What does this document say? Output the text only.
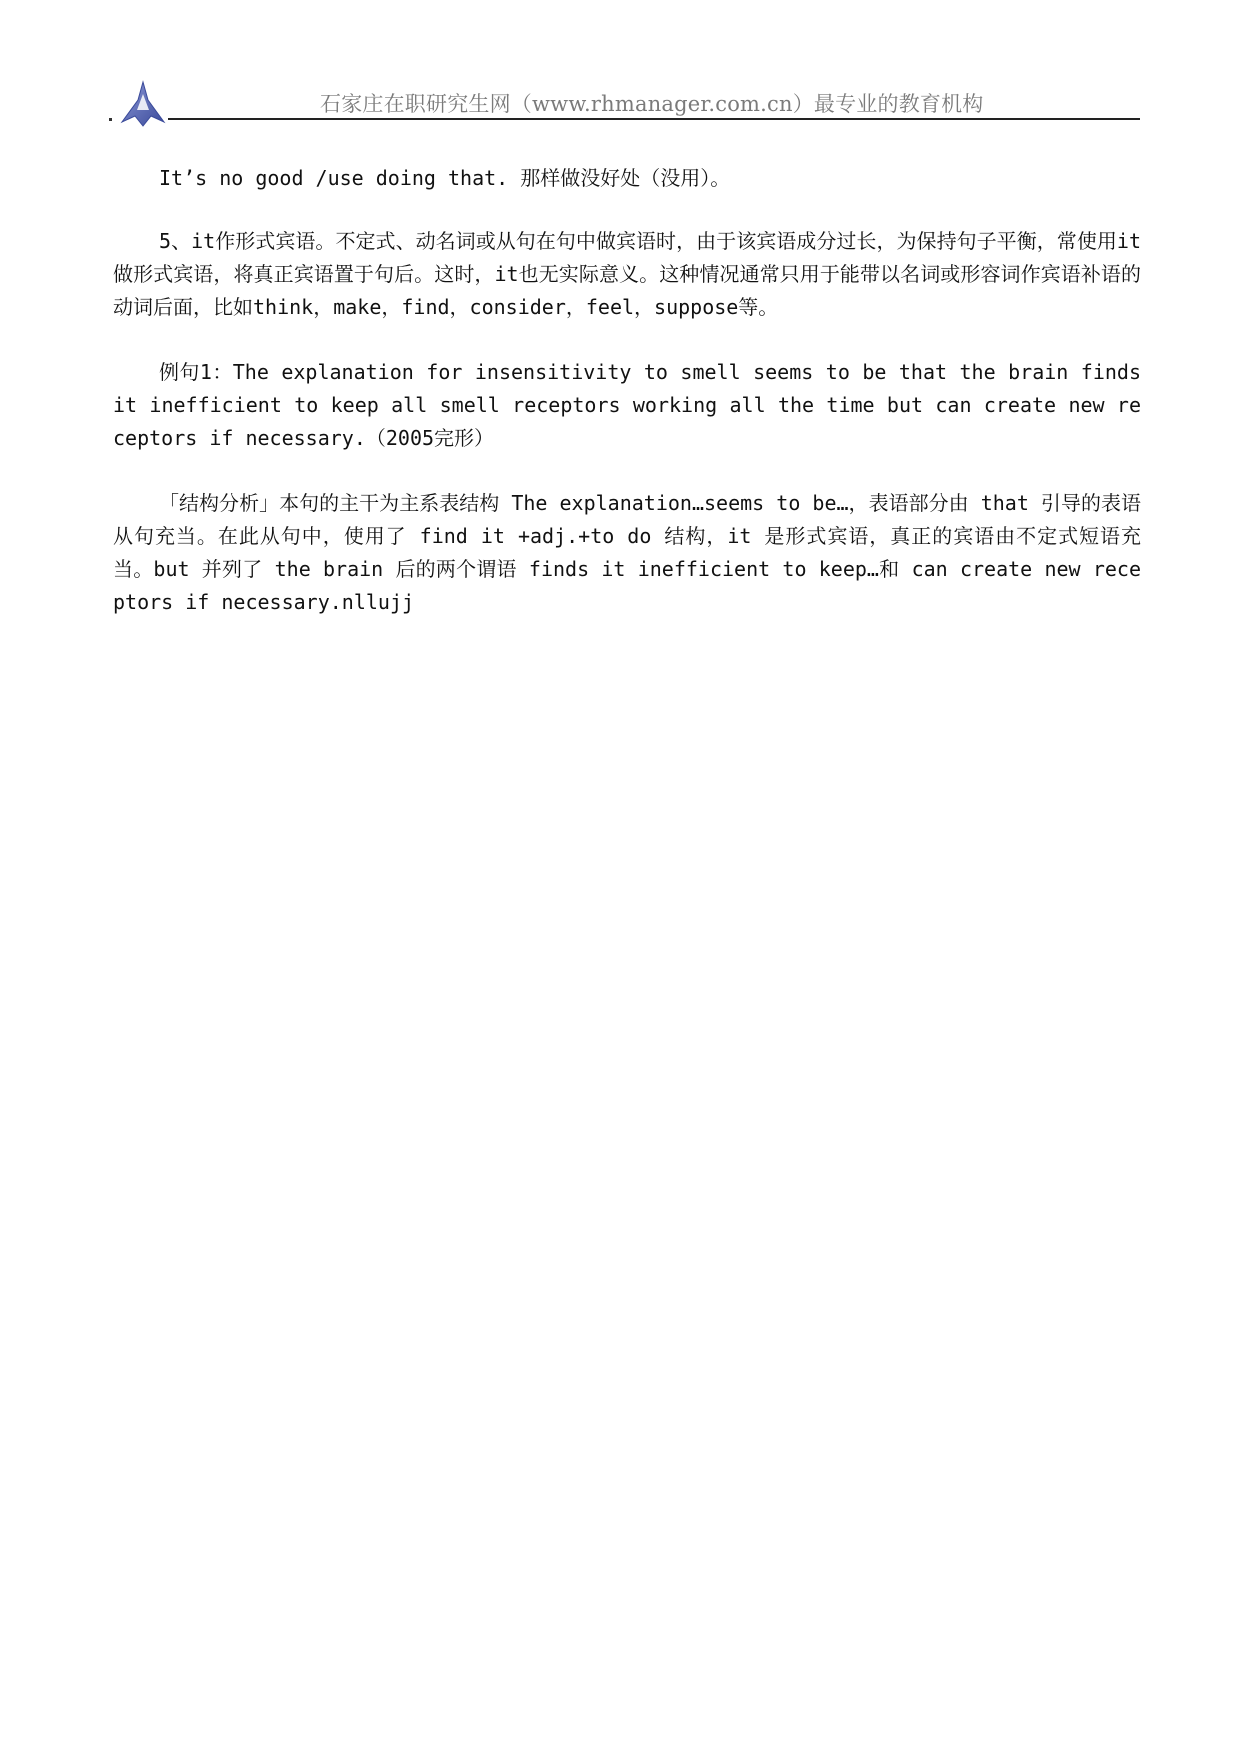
石家庄在职研究生网（www.rhmanager.com.cn）最专业的教育机构

It’s no good /use doing that. 那样做没好处（没用）。

5、it作形式宾语。不定式、动名词或从句在句中做宾语时，由于该宾语成分过长，为保持句子平衡，常使用it做形式宾语，将真正宾语置于句后。这时，it也无实际意义。这种情况通常只用于能带以名词或形容词作宾语补语的动词后面，比如think，make，find，consider，feel，suppose等。

例句1：The explanation for insensitivity to smell seems to be that the brain finds it inefficient to keep all smell receptors working all the time but can create new receptors if necessary.（2005完形）

「结构分析」本句的主干为主系表结构 The explanation…seems to be…，表语部分由 that 引导的表语从句充当。在此从句中，使用了 find it +adj.+to do 结构，it 是形式宾语，真正的宾语由不定式短语充当。but 并列了 the brain 后的两个谓语 finds it inefficient to keep…和 can create new receptors if necessary.nllujj
